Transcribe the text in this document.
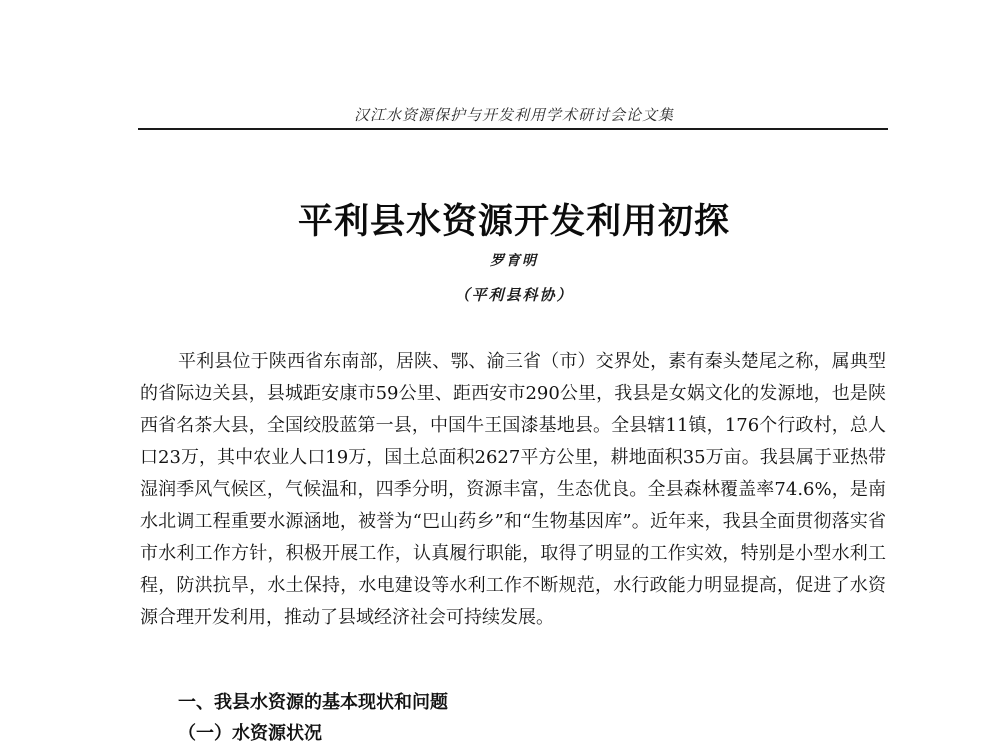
汉江水资源保护与开发利用学术研讨会论文集
平利县水资源开发利用初探
罗育明
（平利县科协）

平利县位于陕西省东南部，居陕、鄂、渝三省（市）交界处，素有秦头楚尾之称，属典型的省际边关县，县城距安康市59公里、距西安市290公里，我县是女娲文化的发源地，也是陕西省名茶大县，全国绞股蓝第一县，中国牛王国漆基地县。全县辖11镇，176个行政村，总人口23万，其中农业人口19万，国土总面积2627平方公里，耕地面积35万亩。我县属于亚热带湿润季风气候区，气候温和，四季分明，资源丰富，生态优良。全县森林覆盖率74.6%，是南水北调工程重要水源涵地，被誉为“巴山药乡”和“生物基因库”。近年来，我县全面贯彻落实省市水利工作方针，积极开展工作，认真履行职能，取得了明显的工作实效，特别是小型水利工程，防洪抗旱，水土保持，水电建设等水利工作不断规范，水行政能力明显提高，促进了水资源合理开发利用，推动了县域经济社会可持续发展。

一、我县水资源的基本现状和问题
（一）水资源状况
